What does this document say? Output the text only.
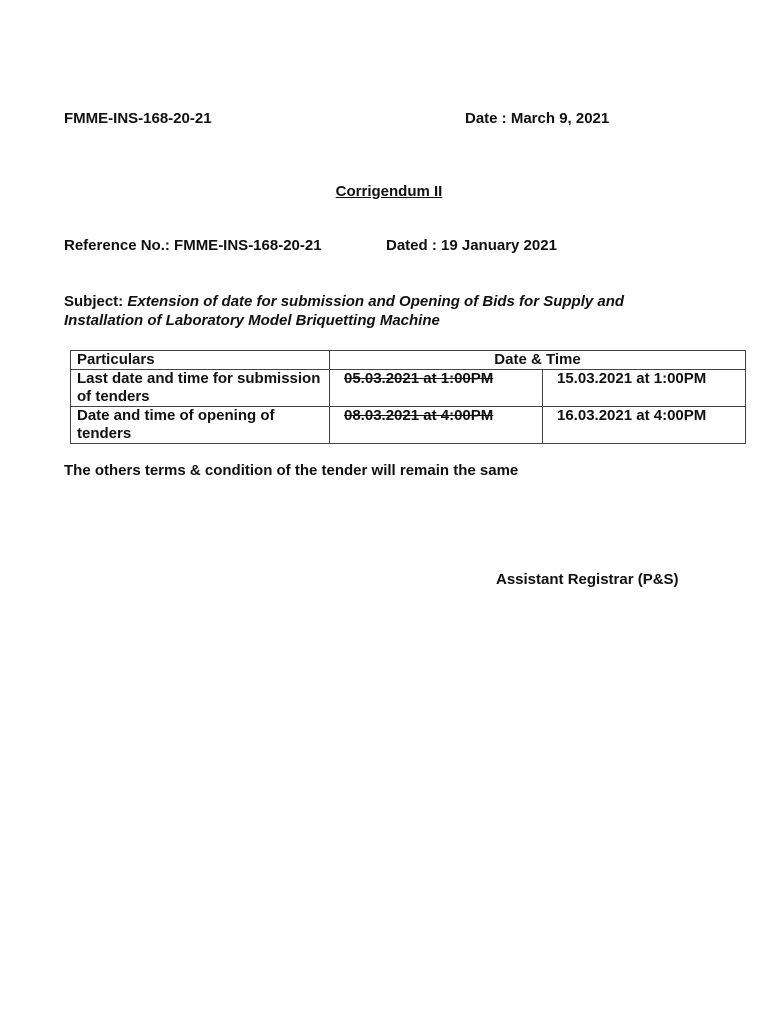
FMME-INS-168-20-21	Date : March 9, 2021
Corrigendum II
Reference No.: FMME-INS-168-20-21	Dated : 19 January 2021
Subject: Extension of date for submission and Opening of Bids for Supply and Installation of Laboratory Model Briquetting Machine
Particulars	Date & Time	
Last date and time for submission of tenders	05.03.2021 at 1:00PM	15.03.2021 at 1:00PM
Date and time of opening of tenders	08.03.2021 at 4:00PM	16.03.2021 at 4:00PM
The others terms & condition of the tender will remain the same
Assistant Registrar (P&S)
